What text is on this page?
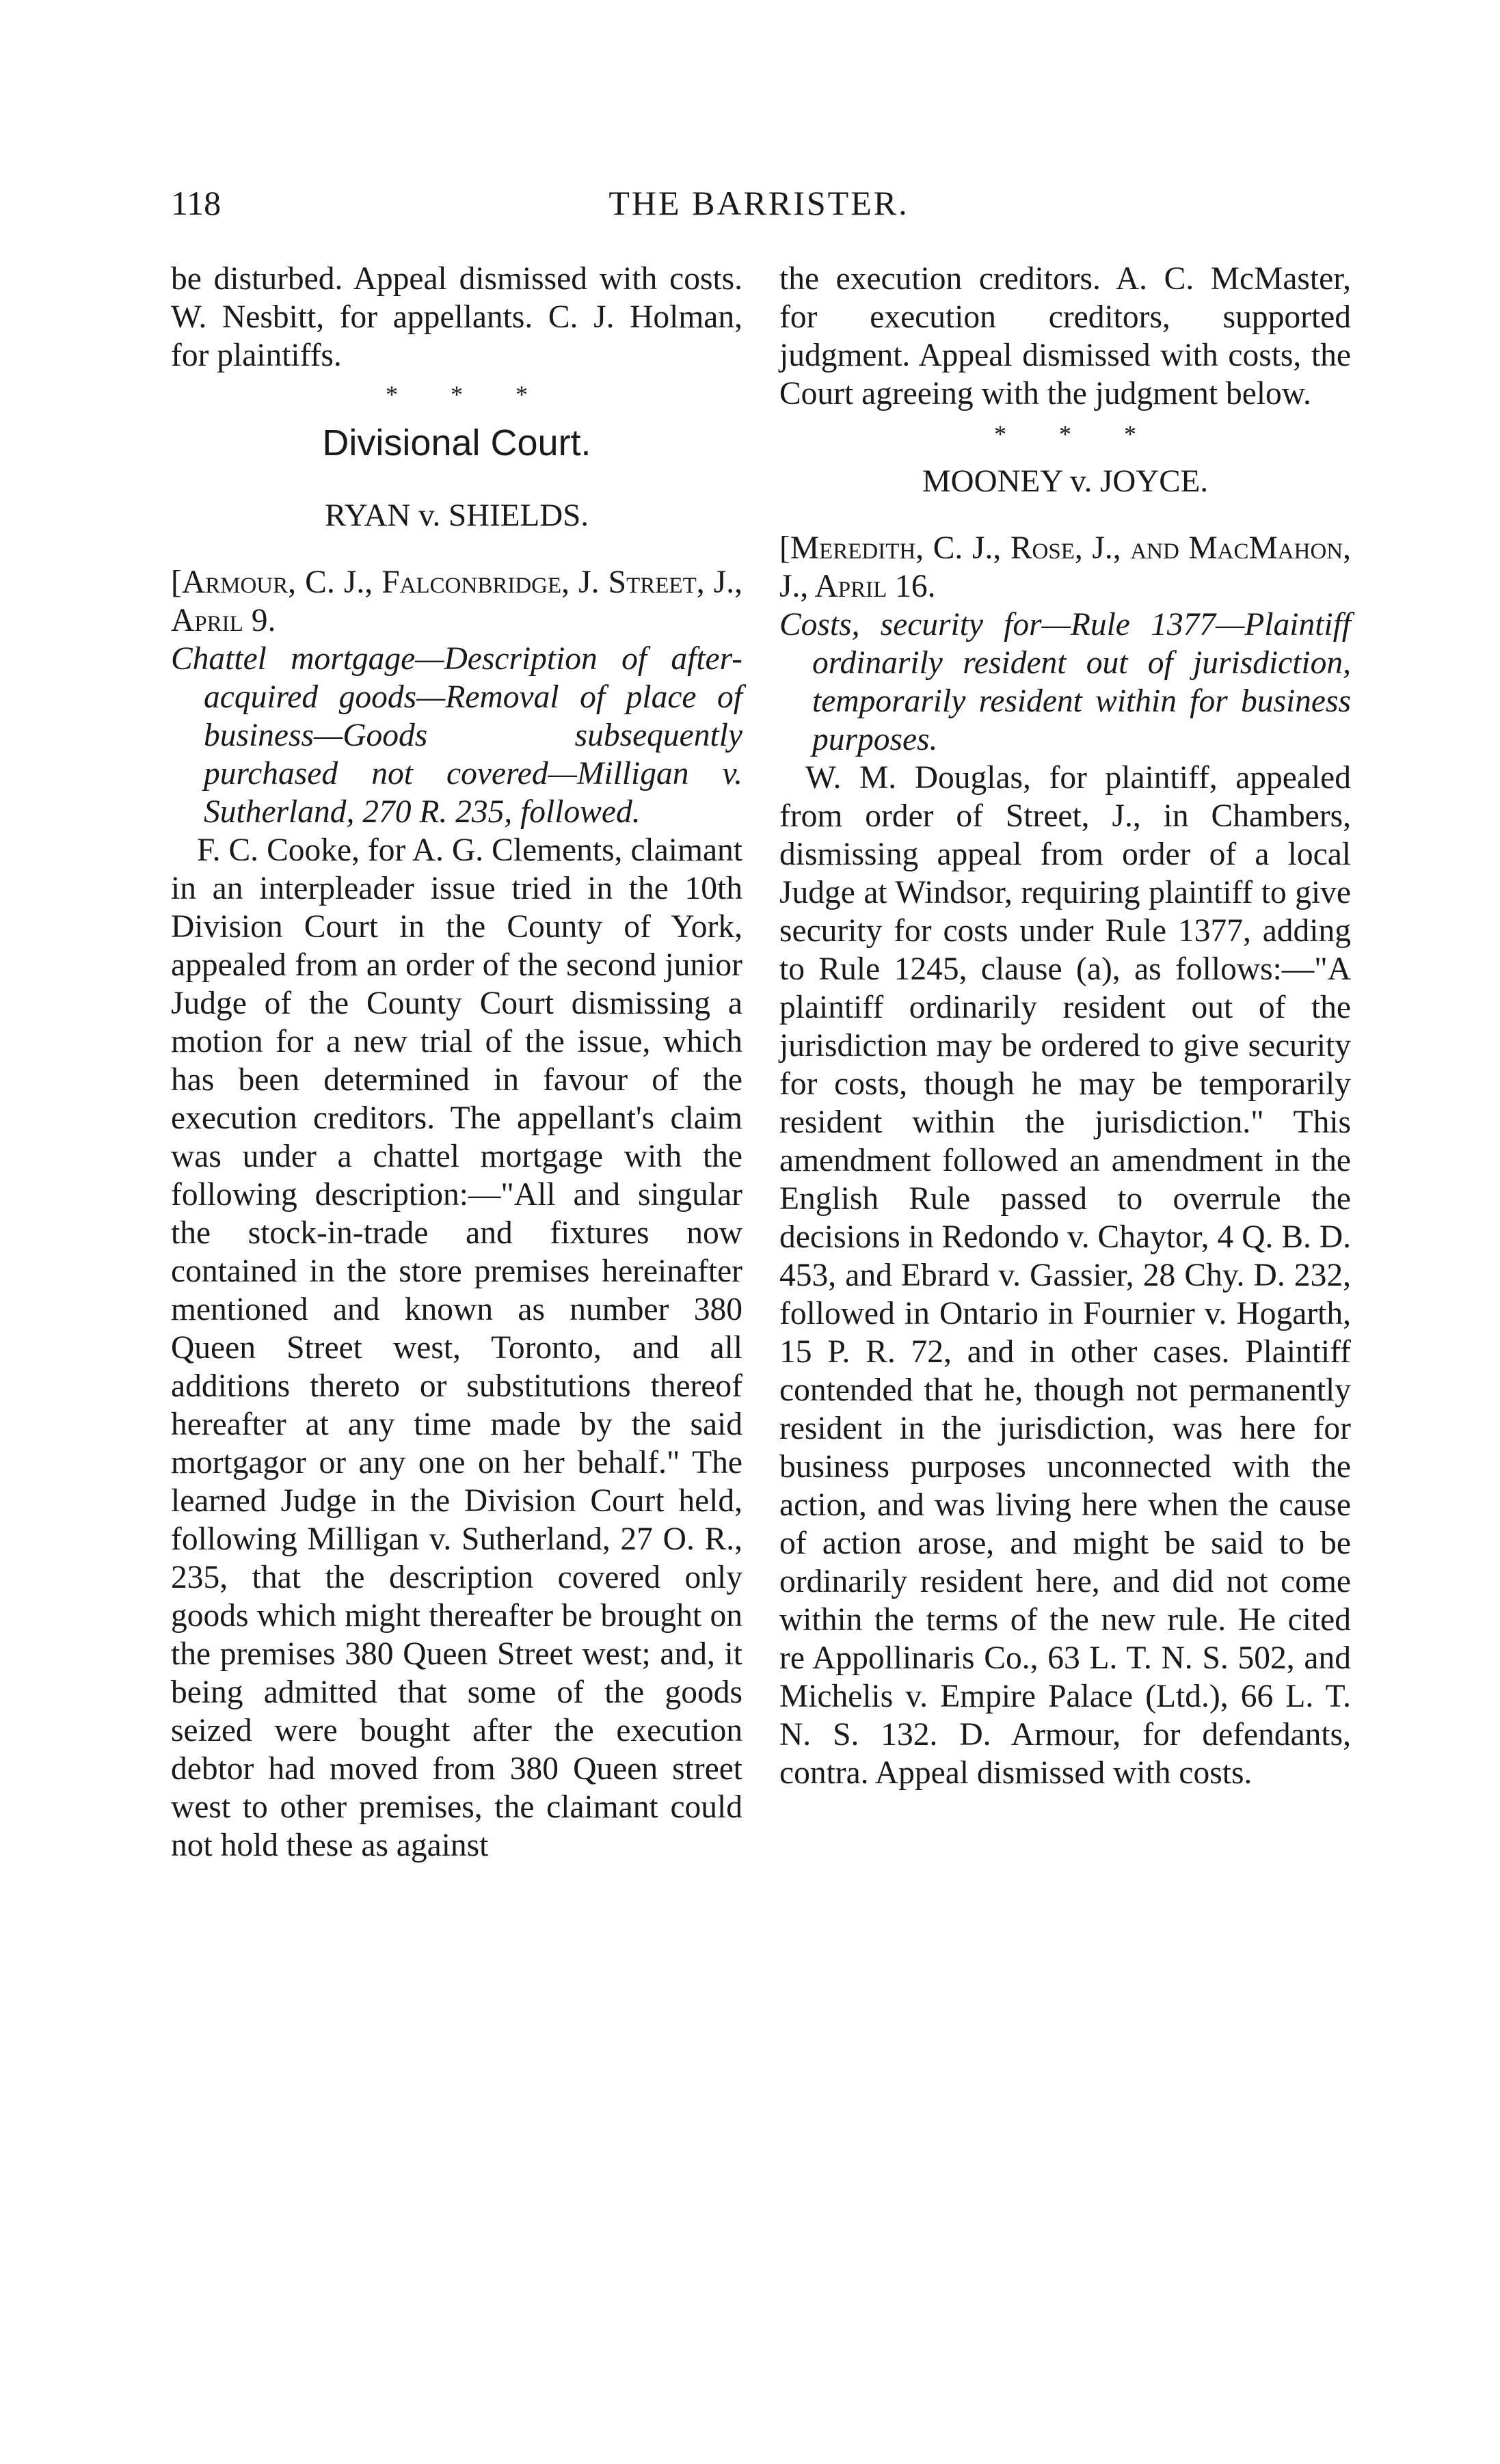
118	THE BARRISTER.

be disturbed. Appeal dismissed with costs. W. Nesbitt, for appellants. C. J. Holman, for plaintiffs.

* * *
Divisional Court.
RYAN v. SHIELDS.

[Armour, C. J., Falconbridge, J. Street, J., April 9.

Chattel mortgage—Description of after-acquired goods—Removal of place of business—Goods subsequently purchased not covered—Milligan v. Sutherland, 270 R. 235, followed.

F. C. Cooke, for A. G. Clements, claimant in an interpleader issue tried in the 10th Division Court in the County of York, appealed from an order of the second junior Judge of the County Court dismissing a motion for a new trial of the issue, which has been determined in favour of the execution creditors. The appellant's claim was under a chattel mortgage with the following description:—"All and singular the stock-in-trade and fixtures now contained in the store premises hereinafter mentioned and known as number 380 Queen Street west, Toronto, and all additions thereto or substitutions thereof hereafter at any time made by the said mortgagor or any one on her behalf." The learned Judge in the Division Court held, following Milligan v. Sutherland, 27 O. R., 235, that the description covered only goods which might thereafter be brought on the premises 380 Queen Street west; and, it being admitted that some of the goods seized were bought after the execution debtor had moved from 380 Queen street west to other premises, the claimant could not hold these as against

the execution creditors. A. C. McMaster, for execution creditors, supported judgment. Appeal dismissed with costs, the Court agreeing with the judgment below.

* * *
MOONEY v. JOYCE.

[Meredith, C. J., Rose, J., and MacMahon, J., April 16.

Costs, security for—Rule 1377—Plaintiff ordinarily resident out of jurisdiction, temporarily resident within for business purposes.

W. M. Douglas, for plaintiff, appealed from order of Street, J., in Chambers, dismissing appeal from order of a local Judge at Windsor, requiring plaintiff to give security for costs under Rule 1377, adding to Rule 1245, clause (a), as follows:—"A plaintiff ordinarily resident out of the jurisdiction may be ordered to give security for costs, though he may be temporarily resident within the jurisdiction." This amendment followed an amendment in the English Rule passed to overrule the decisions in Redondo v. Chaytor, 4 Q. B. D. 453, and Ebrard v. Gassier, 28 Chy. D. 232, followed in Ontario in Fournier v. Hogarth, 15 P. R. 72, and in other cases. Plaintiff contended that he, though not permanently resident in the jurisdiction, was here for business purposes unconnected with the action, and was living here when the cause of action arose, and might be said to be ordinarily resident here, and did not come within the terms of the new rule. He cited re Appollinaris Co., 63 L. T. N. S. 502, and Michelis v. Empire Palace (Ltd.), 66 L. T. N. S. 132. D. Armour, for defendants, contra. Appeal dismissed with costs.
